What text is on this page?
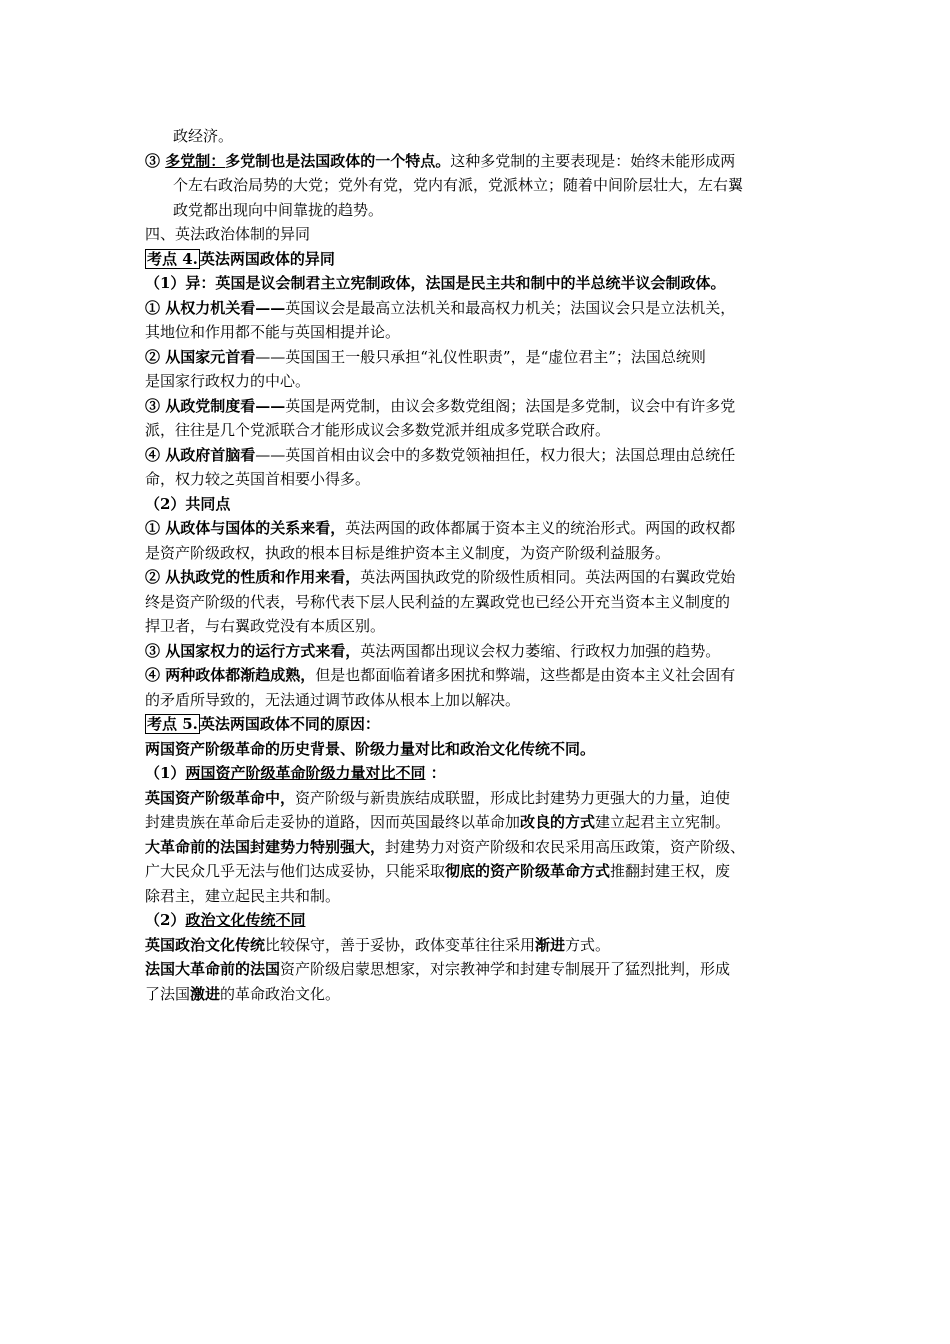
政经济。
③ 多党制：多党制也是法国政体的一个特点。这种多党制的主要表现是：始终未能形成两
个左右政治局势的大党；党外有党，党内有派，党派林立；随着中间阶层壮大，左右翼
政党都出现向中间靠拢的趋势。
四、英法政治体制的异同
考点 4. 英法两国政体的异同
（1）异：英国是议会制君主立宪制政体，法国是民主共和制中的半总统半议会制政体。
① 从权力机关看——英国议会是最高立法机关和最高权力机关；法国议会只是立法机关，
其地位和作用都不能与英国相提并论。
② 从国家元首看——英国国王一般只承担“礼仪性职责”，是“虚位君主”；法国总统则
是国家行政权力的中心。
③ 从政党制度看——英国是两党制，由议会多数党组阁；法国是多党制，议会中有许多党
派，往往是几个党派联合才能形成议会多数党派并组成多党联合政府。
④ 从政府首脑看——英国首相由议会中的多数党领袖担任，权力很大；法国总理由总统任
命，权力较之英国首相要小得多。
（2）共同点
① 从政体与国体的关系来看，英法两国的政体都属于资本主义的统治形式。两国的政权都
是资产阶级政权，执政的根本目标是维护资本主义制度，为资产阶级利益服务。
② 从执政党的性质和作用来看，英法两国执政党的阶级性质相同。英法两国的右翼政党始
终是资产阶级的代表，号称代表下层人民利益的左翼政党也已经公开充当资本主义制度的
捍卫者，与右翼政党没有本质区别。
③ 从国家权力的运行方式来看，英法两国都出现议会权力萎缩、行政权力加强的趋势。
④ 两种政体都渐趋成熟，但是也都面临着诸多困扰和弊端，这些都是由资本主义社会固有
的矛盾所导致的，无法通过调节政体从根本上加以解决。
考点 5. 英法两国政体不同的原因：
两国资产阶级革命的历史背景、阶级力量对比和政治文化传统不同。
（1）两国资产阶级革命阶级力量对比不同 ：
英国资产阶级革命中，资产阶级与新贵族结成联盟，形成比封建势力更强大的力量，迫使
封建贵族在革命后走妥协的道路，因而英国最终以革命加改良的方式建立起君主立宪制。
大革命前的法国封建势力特别强大，封建势力对资产阶级和农民采用高压政策，资产阶级、
广大民众几乎无法与他们达成妥协，只能采取彻底的资产阶级革命方式推翻封建王权，废
除君主，建立起民主共和制。
（2）政治文化传统不同
英国政治文化传统比较保守，善于妥协，政体变革往往采用渐进方式。
法国大革命前的法国资产阶级启蒙思想家，对宗教神学和封建专制展开了猛烈批判，形成
了法国激进的革命政治文化。
